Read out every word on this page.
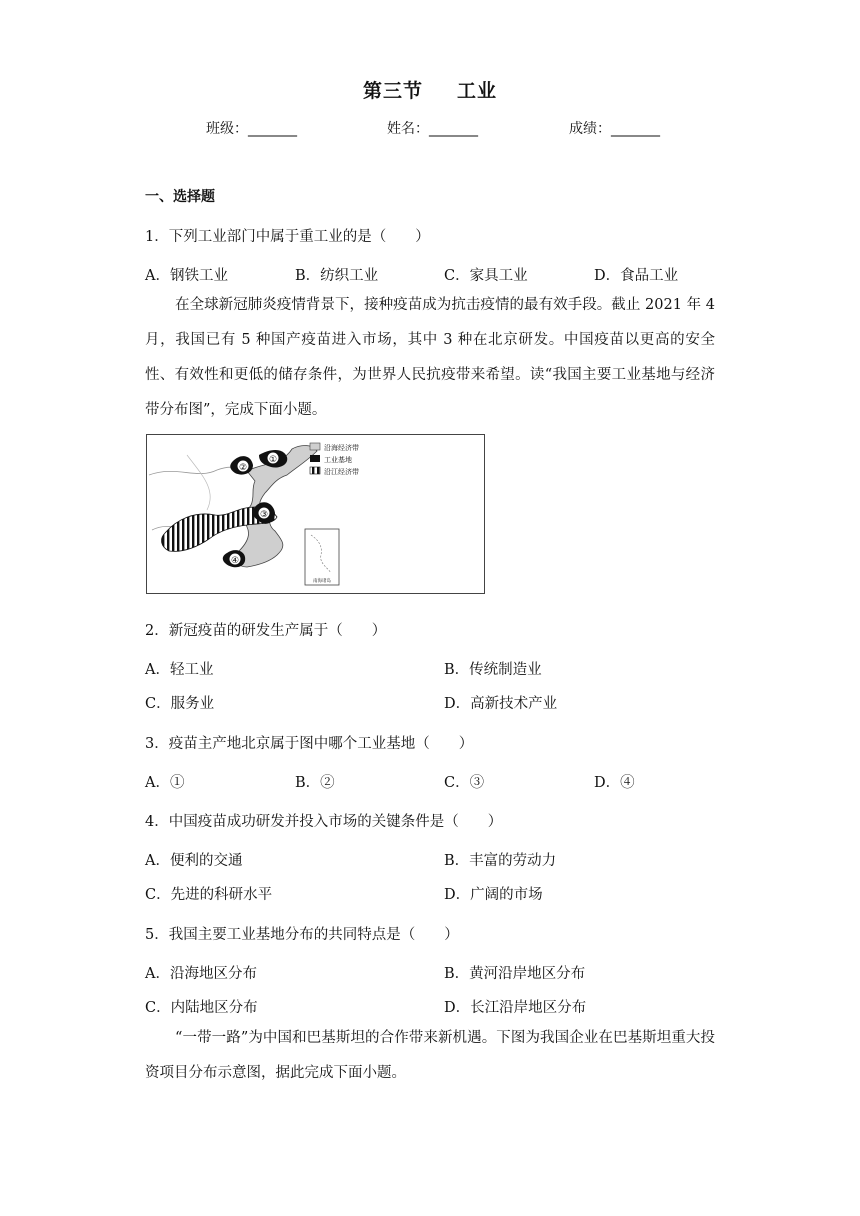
第三节 工业
班级：_______	姓名：_______	成绩：_______
一、选择题
1．下列工业部门中属于重工业的是（　　）
A．钢铁工业	B．纺织工业	C．家具工业	D．食品工业
在全球新冠肺炎疫情背景下，接种疫苗成为抗击疫情的最有效手段。截止 2021 年 4 月，我国已有 5 种国产疫苗进入市场，其中 3 种在北京研发。中国疫苗以更高的安全性、有效性和更低的储存条件，为世界人民抗疫带来希望。读“我国主要工业基地与经济带分布图”，完成下面小题。
①
②
③
④
沿海经济带
工业基地
沿江经济带
南海诸岛
2．新冠疫苗的研发生产属于（　　）
A．轻工业	B．传统制造业
C．服务业	D．高新技术产业
3．疫苗主产地北京属于图中哪个工业基地（　　）
A．①	B．②	C．③	D．④
4．中国疫苗成功研发并投入市场的关键条件是（　　）
A．便利的交通	B．丰富的劳动力
C．先进的科研水平	D．广阔的市场
5．我国主要工业基地分布的共同特点是（　　）
A．沿海地区分布	B．黄河沿岸地区分布
C．内陆地区分布	D．长江沿岸地区分布
“一带一路”为中国和巴基斯坦的合作带来新机遇。下图为我国企业在巴基斯坦重大投资项目分布示意图，据此完成下面小题。
